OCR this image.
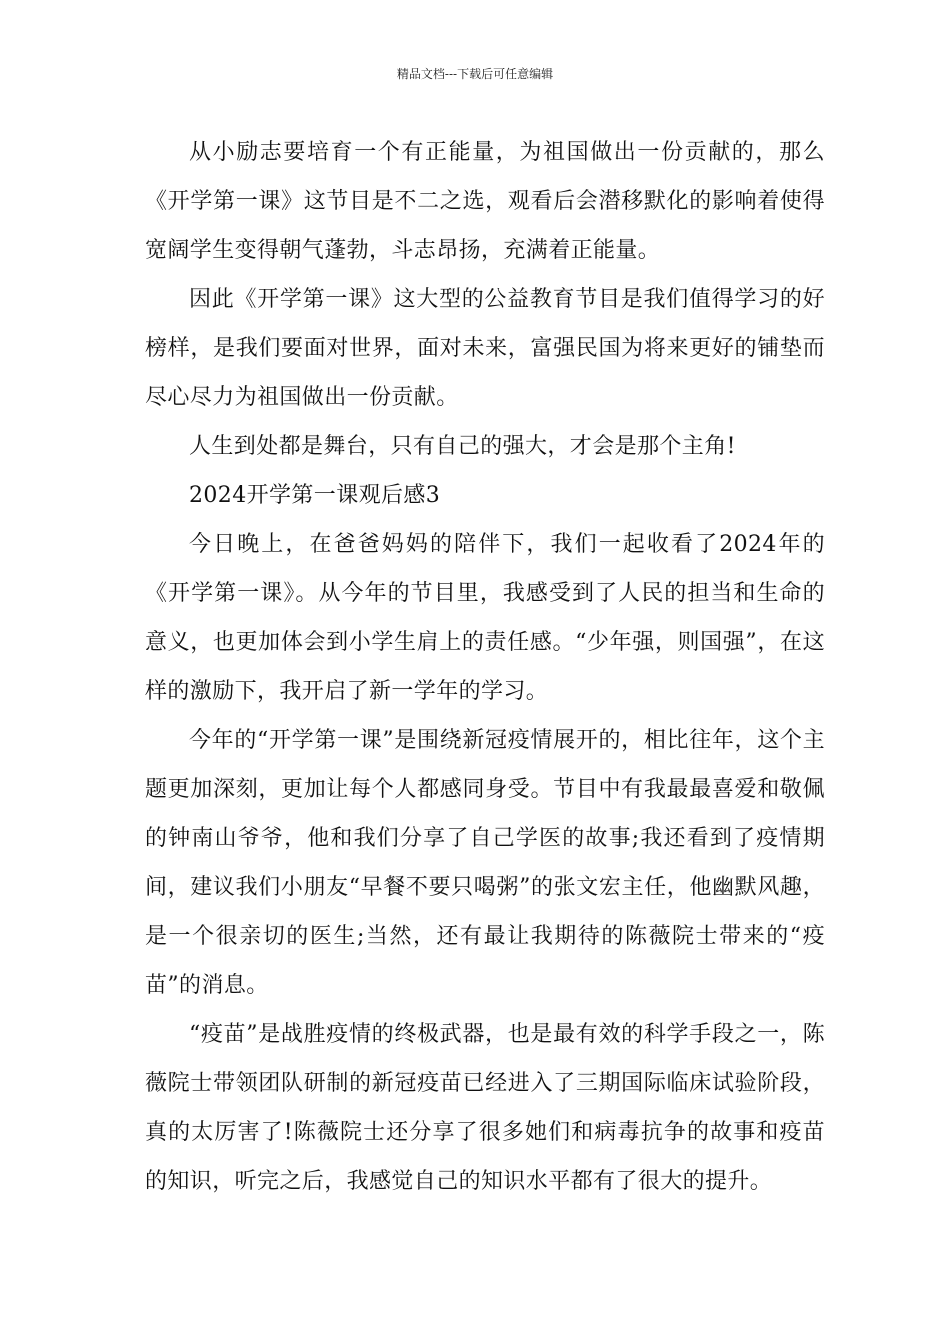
精品文档---下载后可任意编辑

从小励志要培育一个有正能量，为祖国做出一份贡献的，那么《开学第一课》这节目是不二之选，观看后会潜移默化的影响着使得宽阔学生变得朝气蓬勃，斗志昂扬，充满着正能量。

因此《开学第一课》这大型的公益教育节目是我们值得学习的好榜样，是我们要面对世界，面对未来，富强民国为将来更好的铺垫而尽心尽力为祖国做出一份贡献。

人生到处都是舞台，只有自己的强大，才会是那个主角!

2024开学第一课观后感3

今日晚上，在爸爸妈妈的陪伴下，我们一起收看了2024年的《开学第一课》。从今年的节目里，我感受到了人民的担当和生命的意义，也更加体会到小学生肩上的责任感。“少年强，则国强”，在这样的激励下，我开启了新一学年的学习。

今年的“开学第一课”是围绕新冠疫情展开的，相比往年，这个主题更加深刻，更加让每个人都感同身受。节目中有我最最喜爱和敬佩的钟南山爷爷，他和我们分享了自己学医的故事;我还看到了疫情期间，建议我们小朋友“早餐不要只喝粥”的张文宏主任，他幽默风趣，是一个很亲切的医生;当然，还有最让我期待的陈薇院士带来的“疫苗”的消息。

“疫苗”是战胜疫情的终极武器，也是最有效的科学手段之一，陈薇院士带领团队研制的新冠疫苗已经进入了三期国际临床试验阶段，真的太厉害了!陈薇院士还分享了很多她们和病毒抗争的故事和疫苗的知识，听完之后，我感觉自己的知识水平都有了很大的提升。
